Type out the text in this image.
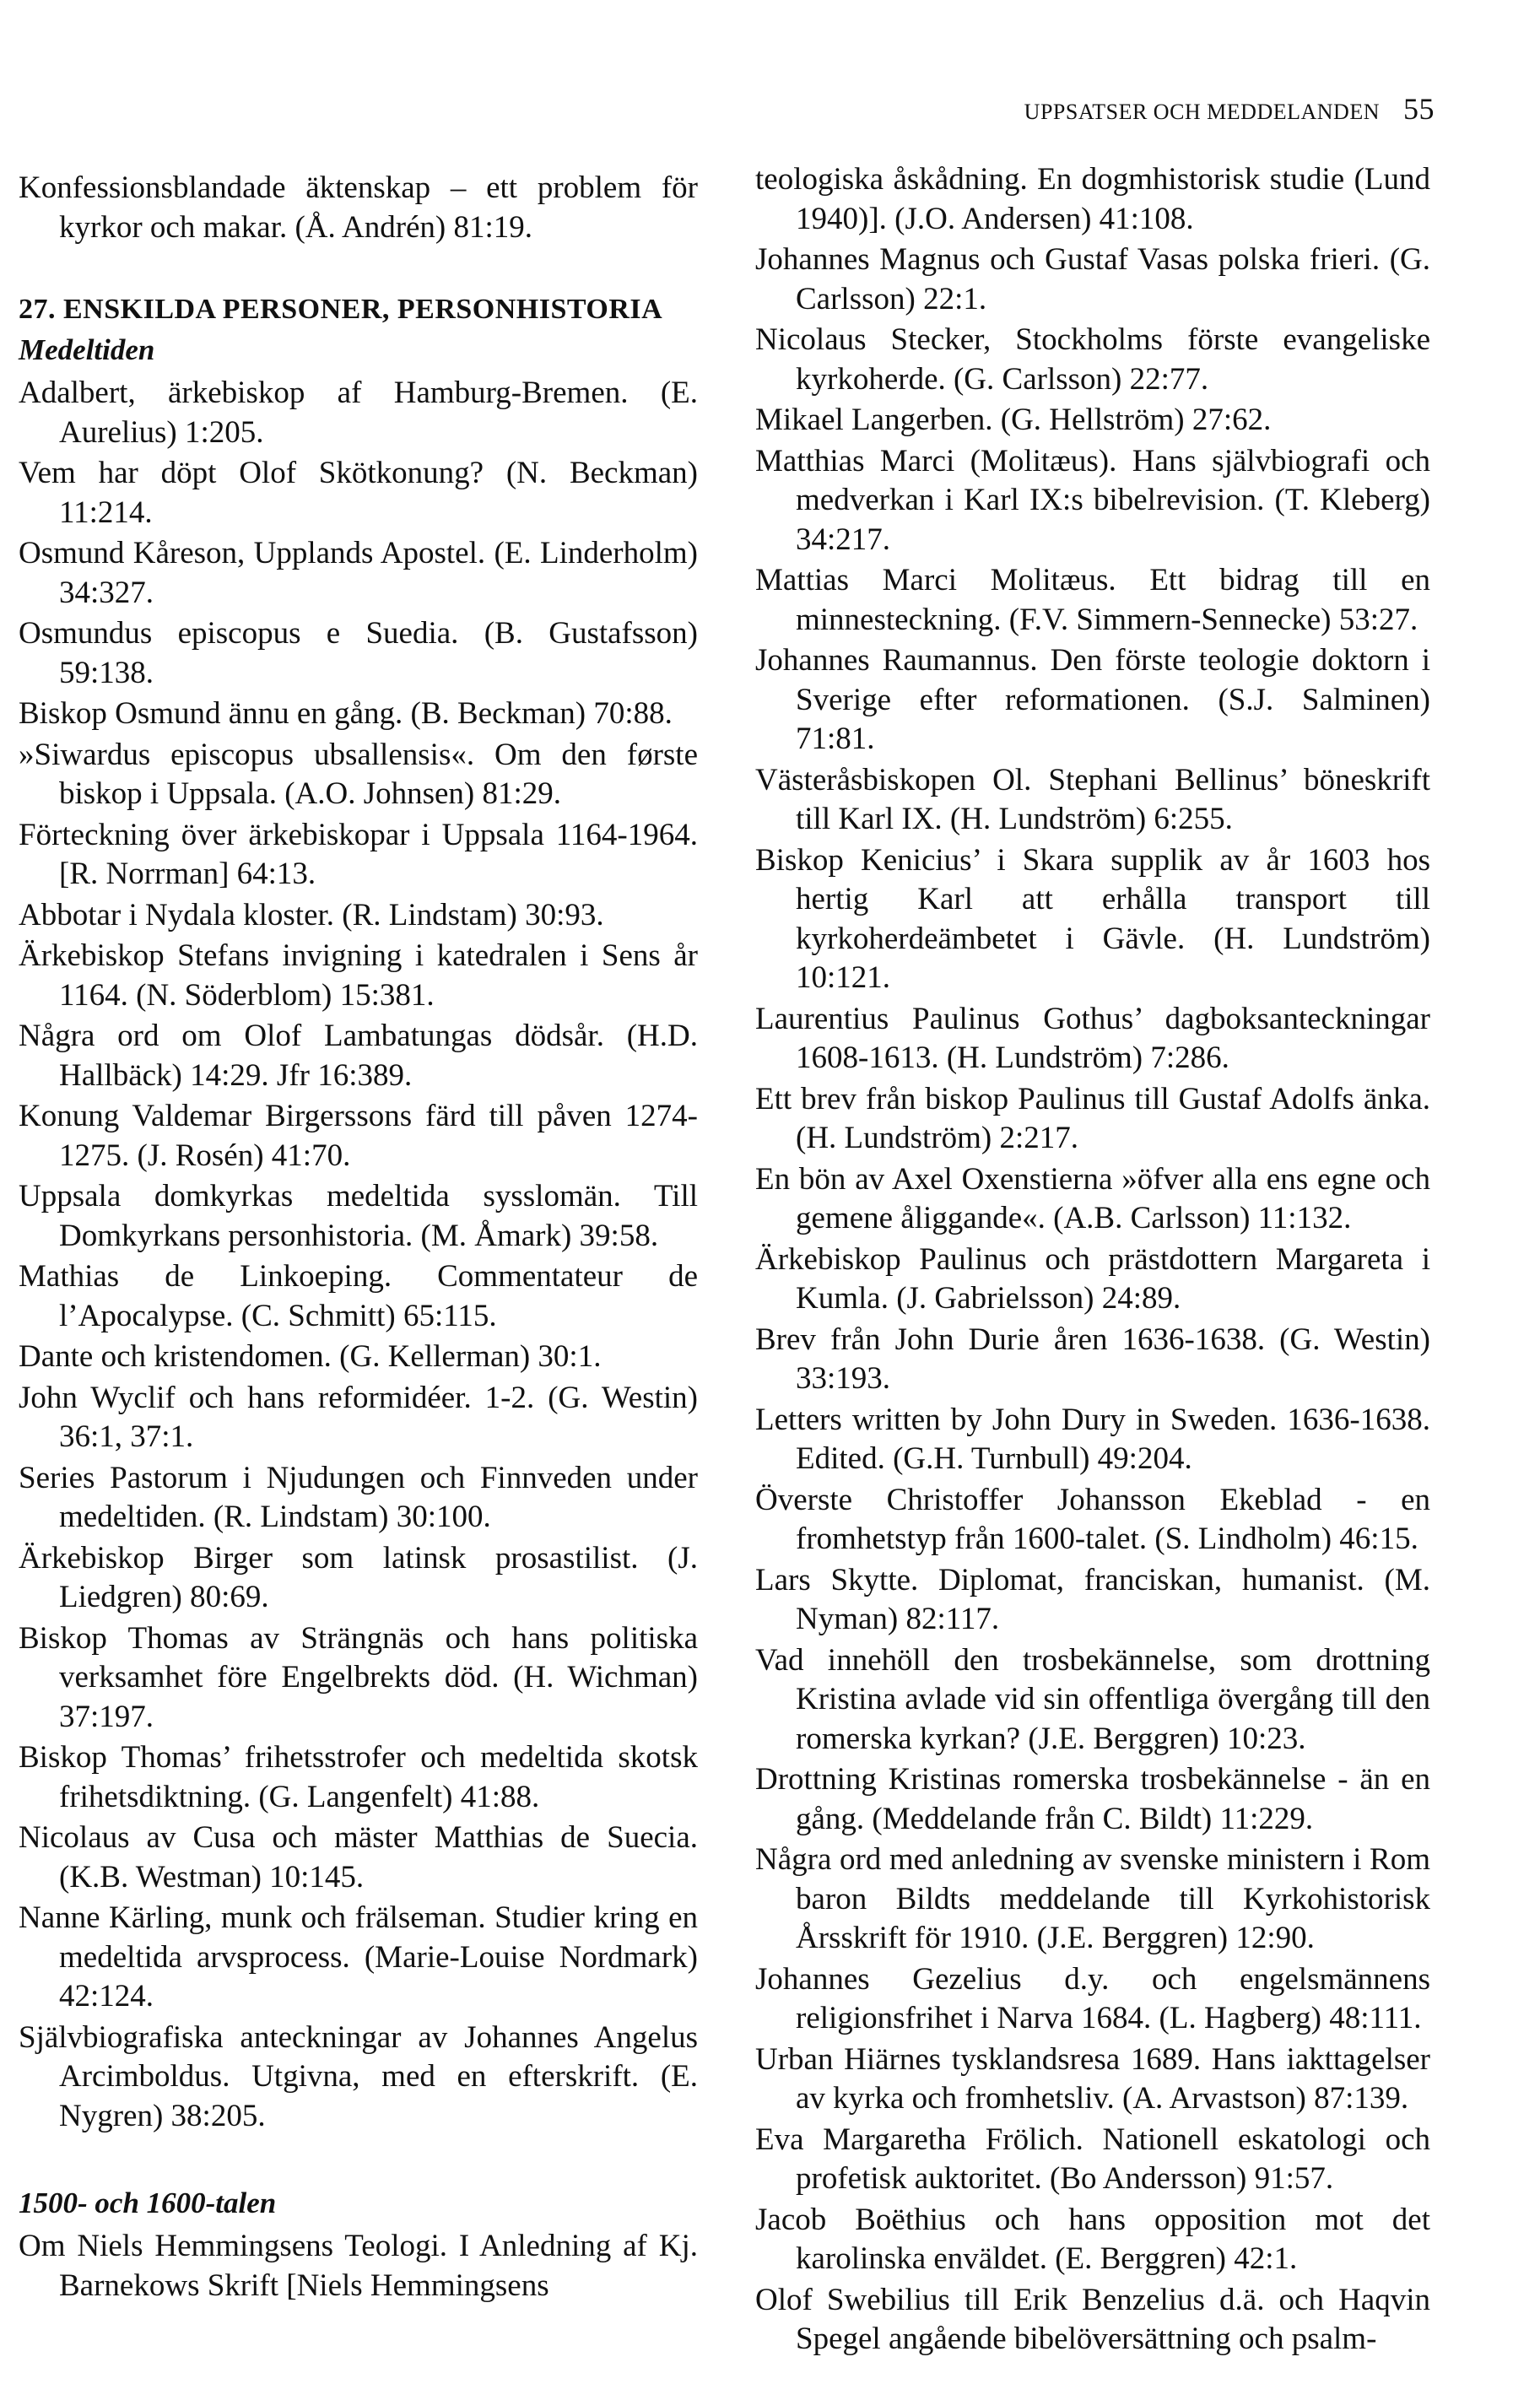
UPPSATSER OCH MEDDELANDEN 55

Konfessionsblandade äktenskap – ett problem för kyrkor och makar. (Å. Andrén) 81:19.

27. ENSKILDA PERSONER, PERSONHISTORIA
Medeltiden

Adalbert, ärkebiskop af Hamburg-Bremen. (E. Aurelius) 1:205.

Vem har döpt Olof Skötkonung? (N. Beckman) 11:214.

Osmund Kåreson, Upplands Apostel. (E. Linderholm) 34:327.

Osmundus episcopus e Suedia. (B. Gustafsson) 59:138.

Biskop Osmund ännu en gång. (B. Beckman) 70:88.

»Siwardus episcopus ubsallensis«. Om den første biskop i Uppsala. (A.O. Johnsen) 81:29.

Förteckning över ärkebiskopar i Uppsala 1164-1964. [R. Norrman] 64:13.

Abbotar i Nydala kloster. (R. Lindstam) 30:93.

Ärkebiskop Stefans invigning i katedralen i Sens år 1164. (N. Söderblom) 15:381.

Några ord om Olof Lambatungas dödsår. (H.D. Hallbäck) 14:29. Jfr 16:389.

Konung Valdemar Birgerssons färd till påven 1274-1275. (J. Rosén) 41:70.

Uppsala domkyrkas medeltida sysslomän. Till Domkyrkans personhistoria. (M. Åmark) 39:58.

Mathias de Linkoeping. Commentateur de l’Apocalypse. (C. Schmitt) 65:115.

Dante och kristendomen. (G. Kellerman) 30:1.

John Wyclif och hans reformidéer. 1-2. (G. Westin) 36:1, 37:1.

Series Pastorum i Njudungen och Finnveden under medeltiden. (R. Lindstam) 30:100.

Ärkebiskop Birger som latinsk prosastilist. (J. Liedgren) 80:69.

Biskop Thomas av Strängnäs och hans politiska verksamhet före Engelbrekts död. (H. Wichman) 37:197.

Biskop Thomas’ frihetsstrofer och medeltida skotsk frihetsdiktning. (G. Langenfelt) 41:88.

Nicolaus av Cusa och mäster Matthias de Suecia. (K.B. Westman) 10:145.

Nanne Kärling, munk och frälseman. Studier kring en medeltida arvsprocess. (Marie-Louise Nordmark) 42:124.

Självbiografiska anteckningar av Johannes Angelus Arcimboldus. Utgivna, med en efterskrift. (E. Nygren) 38:205.

1500- och 1600-talen

Om Niels Hemmingsens Teologi. I Anledning af Kj. Barnekows Skrift [Niels Hemmingsens

teologiska åskådning. En dogmhistorisk studie (Lund 1940)]. (J.O. Andersen) 41:108.

Johannes Magnus och Gustaf Vasas polska frieri. (G. Carlsson) 22:1.

Nicolaus Stecker, Stockholms förste evangeliske kyrkoherde. (G. Carlsson) 22:77.

Mikael Langerben. (G. Hellström) 27:62.

Matthias Marci (Molitæus). Hans självbiografi och medverkan i Karl IX:s bibelrevision. (T. Kleberg) 34:217.

Mattias Marci Molitæus. Ett bidrag till en minnesteckning. (F.V. Simmern-Sennecke) 53:27.

Johannes Raumannus. Den förste teologie doktorn i Sverige efter reformationen. (S.J. Salminen) 71:81.

Västeråsbiskopen Ol. Stephani Bellinus’ böneskrift till Karl IX. (H. Lundström) 6:255.

Biskop Kenicius’ i Skara supplik av år 1603 hos hertig Karl att erhålla transport till kyrkoherdeämbetet i Gävle. (H. Lundström) 10:121.

Laurentius Paulinus Gothus’ dagboksanteckningar 1608-1613. (H. Lundström) 7:286.

Ett brev från biskop Paulinus till Gustaf Adolfs änka. (H. Lundström) 2:217.

En bön av Axel Oxenstierna »öfver alla ens egne och gemene åliggande«. (A.B. Carlsson) 11:132.

Ärkebiskop Paulinus och prästdottern Margareta i Kumla. (J. Gabrielsson) 24:89.

Brev från John Durie åren 1636-1638. (G. Westin) 33:193.

Letters written by John Dury in Sweden. 1636-1638. Edited. (G.H. Turnbull) 49:204.

Överste Christoffer Johansson Ekeblad - en fromhetstyp från 1600-talet. (S. Lindholm) 46:15.

Lars Skytte. Diplomat, franciskan, humanist. (M. Nyman) 82:117.

Vad innehöll den trosbekännelse, som drottning Kristina avlade vid sin offentliga övergång till den romerska kyrkan? (J.E. Berggren) 10:23.

Drottning Kristinas romerska trosbekännelse - än en gång. (Meddelande från C. Bildt) 11:229.

Några ord med anledning av svenske ministern i Rom baron Bildts meddelande till Kyrkohistorisk Årsskrift för 1910. (J.E. Berggren) 12:90.

Johannes Gezelius d.y. och engelsmännens religionsfrihet i Narva 1684. (L. Hagberg) 48:111.

Urban Hiärnes tysklandsresa 1689. Hans iakttagelser av kyrka och fromhetsliv. (A. Arvastson) 87:139.

Eva Margaretha Frölich. Nationell eskatologi och profetisk auktoritet. (Bo Andersson) 91:57.

Jacob Boëthius och hans opposition mot det karolinska enväldet. (E. Berggren) 42:1.

Olof Swebilius till Erik Benzelius d.ä. och Haqvin Spegel angående bibelöversättning och psalm-
